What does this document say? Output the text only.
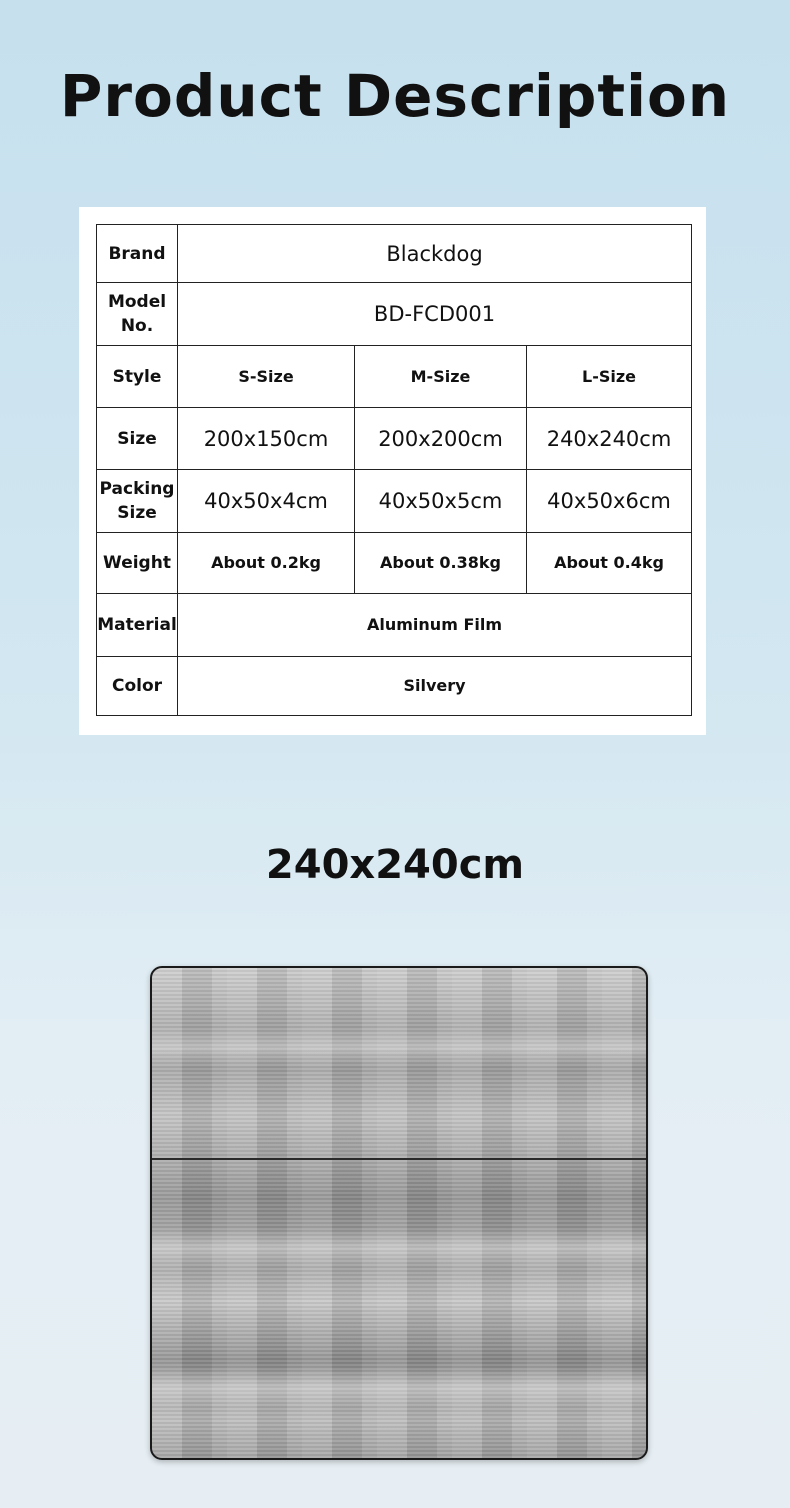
Product Description
Brand	Blackdog		
Model No.	BD-FCD001		
Style	S-Size	M-Size	L-Size
Size	200x150cm	200x200cm	240x240cm
Packing Size	40x50x4cm	40x50x5cm	40x50x6cm
Weight	About 0.2kg	About 0.38kg	About 0.4kg
Material	Aluminum Film		
Color	Silvery		
240x240cm
